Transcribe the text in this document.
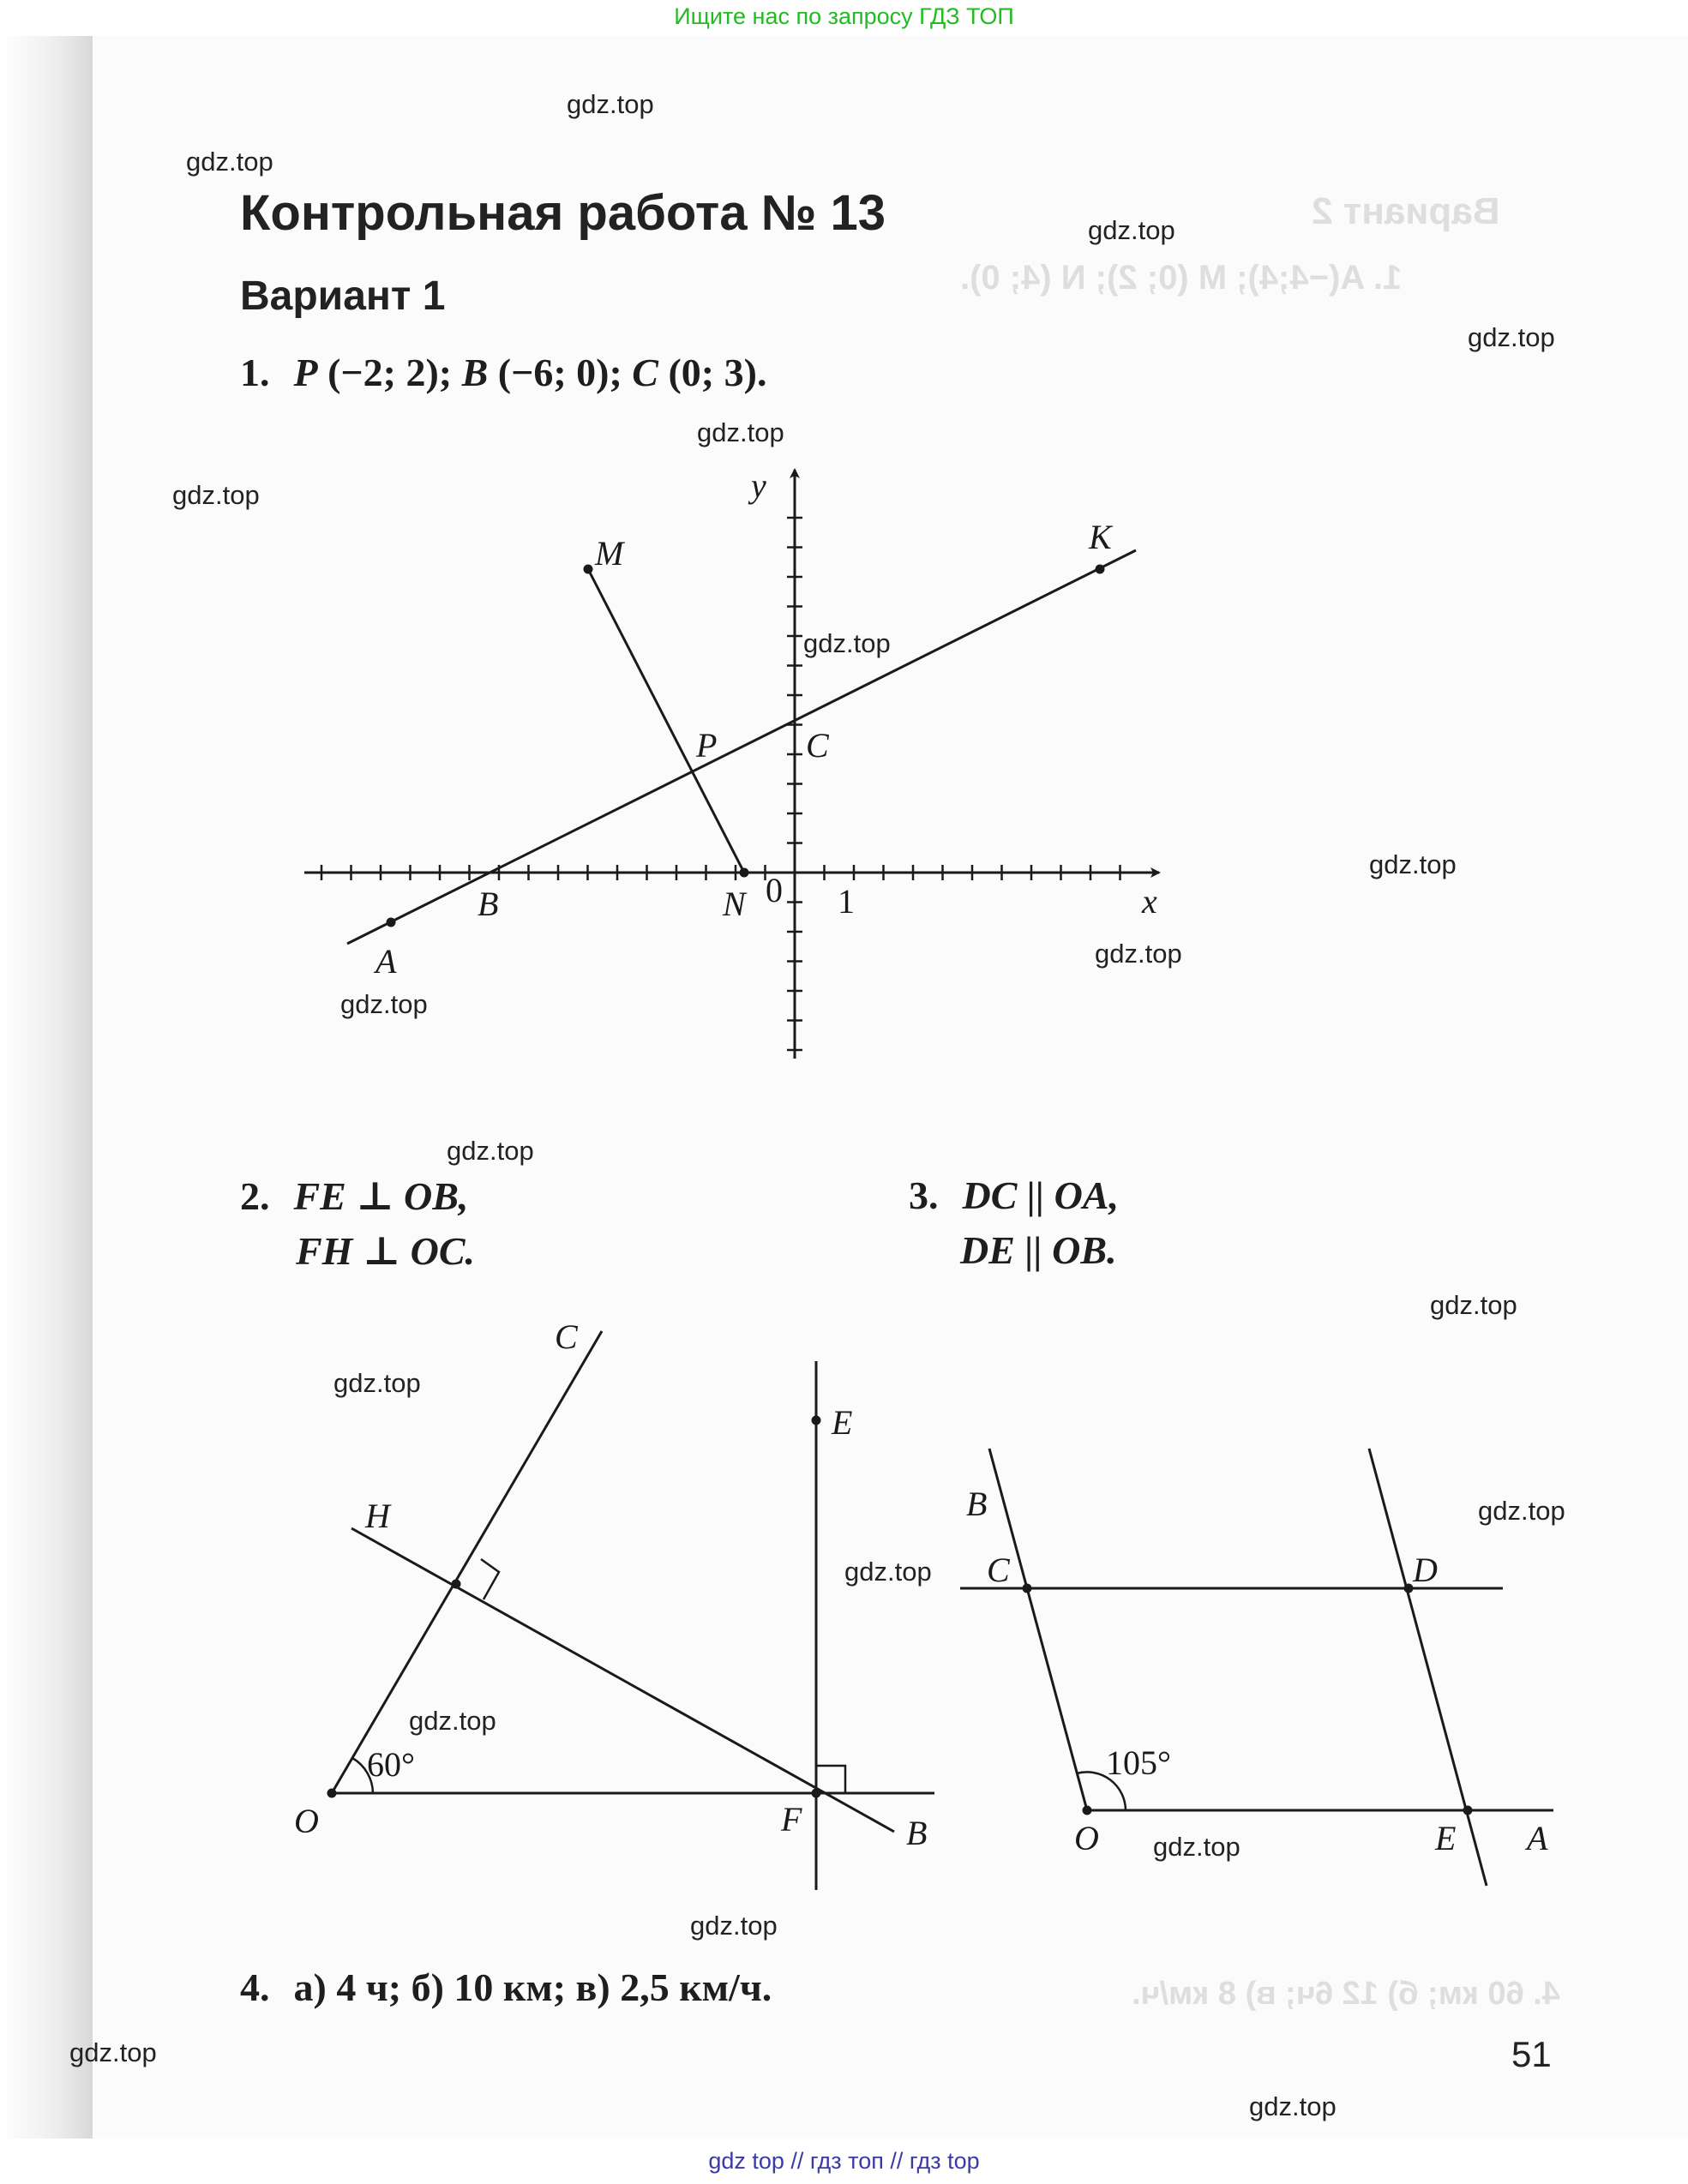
Вариант 2
1. A(−4;4); M (0; 2); N (4; 0).
4. 60 км; б) 12 6ч; в) 8 км/ч.
Ищите нас по запросу ГДЗ ТОП
gdz top // гдз топ // гдз top
gdz.top
gdz.top
gdz.top
gdz.top
gdz.top
gdz.top
gdz.top
gdz.top
gdz.top
gdz.top
gdz.top
gdz.top
gdz.top
gdz.top
gdz.top
gdz.top
gdz.top
gdz.top
gdz.top
gdz.top
Контрольная работа № 13
Вариант 1
1. P (−2; 2); B (−6; 0); C (0; 3).
2. FE ⊥ OB,
FH ⊥ OC.
3. DC || OA,
DE || OB.
4. а) 4 ч; б) 10 км; в) 2,5 км/ч.
51
y
x
0 1
M	K
P	C
B	N
A
C
E
H
O	F	B
60°
B
C	D
O	E A
105°
